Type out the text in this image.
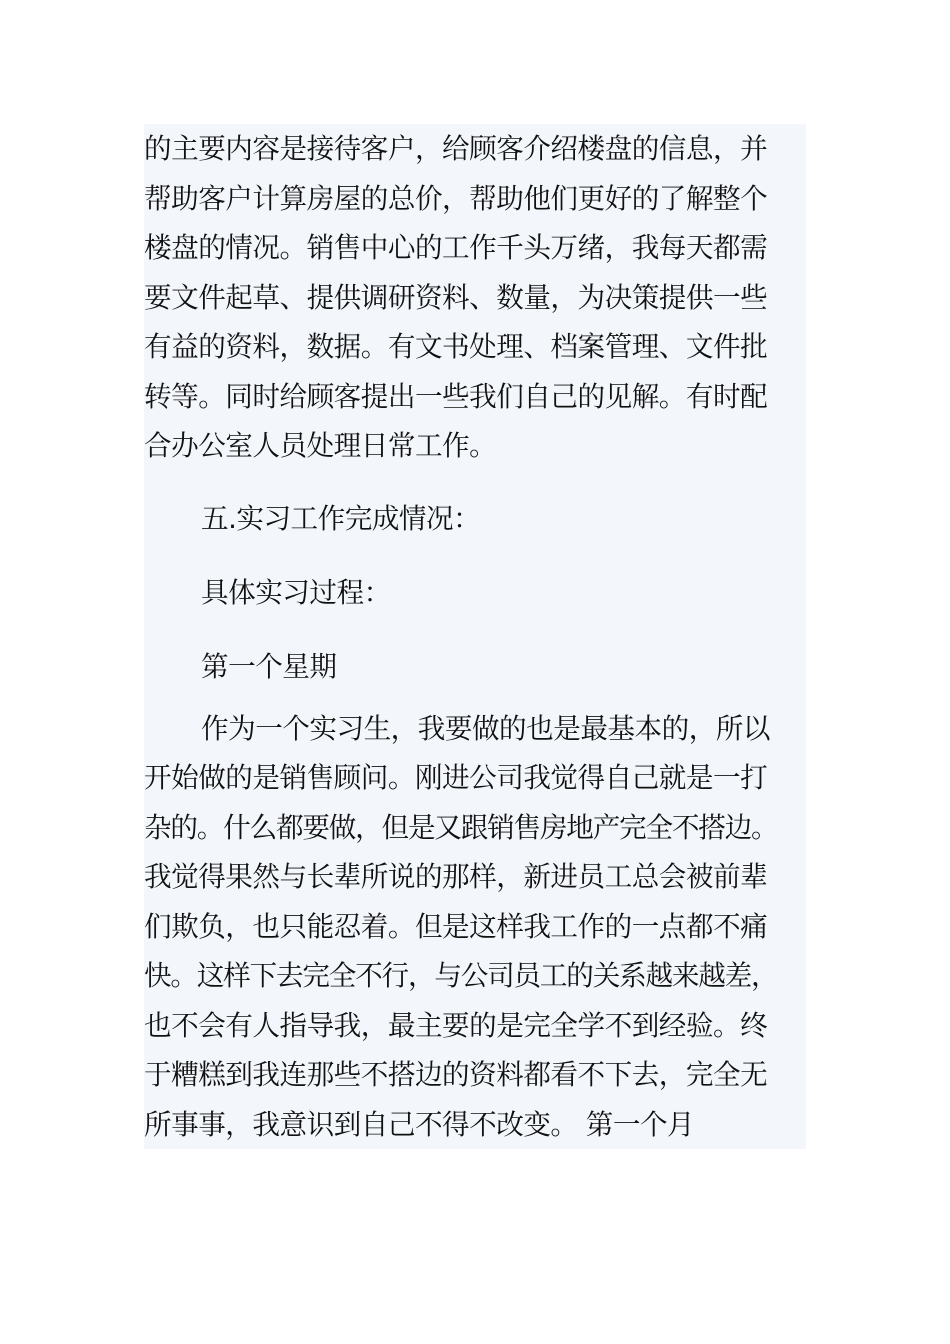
的主要内容是接待客户，给顾客介绍楼盘的信息，并
帮助客户计算房屋的总价，帮助他们更好的了解整个
楼盘的情况。销售中心的工作千头万绪，我每天都需
要文件起草、提供调研资料、数量，为决策提供一些
有益的资料，数据。有文书处理、档案管理、文件批
转等。同时给顾客提出一些我们自己的见解。有时配
合办公室人员处理日常工作。
五.实习工作完成情况：
具体实习过程：
第一个星期
作为一个实习生，我要做的也是最基本的，所以
开始做的是销售顾问。刚进公司我觉得自己就是一打
杂的。什么都要做，但是又跟销售房地产完全不搭边。
我觉得果然与长辈所说的那样，新进员工总会被前辈
们欺负，也只能忍着。但是这样我工作的一点都不痛
快。这样下去完全不行，与公司员工的关系越来越差，
也不会有人指导我，最主要的是完全学不到经验。终
于糟糕到我连那些不搭边的资料都看不下去，完全无
所事事，我意识到自己不得不改变。 第一个月
